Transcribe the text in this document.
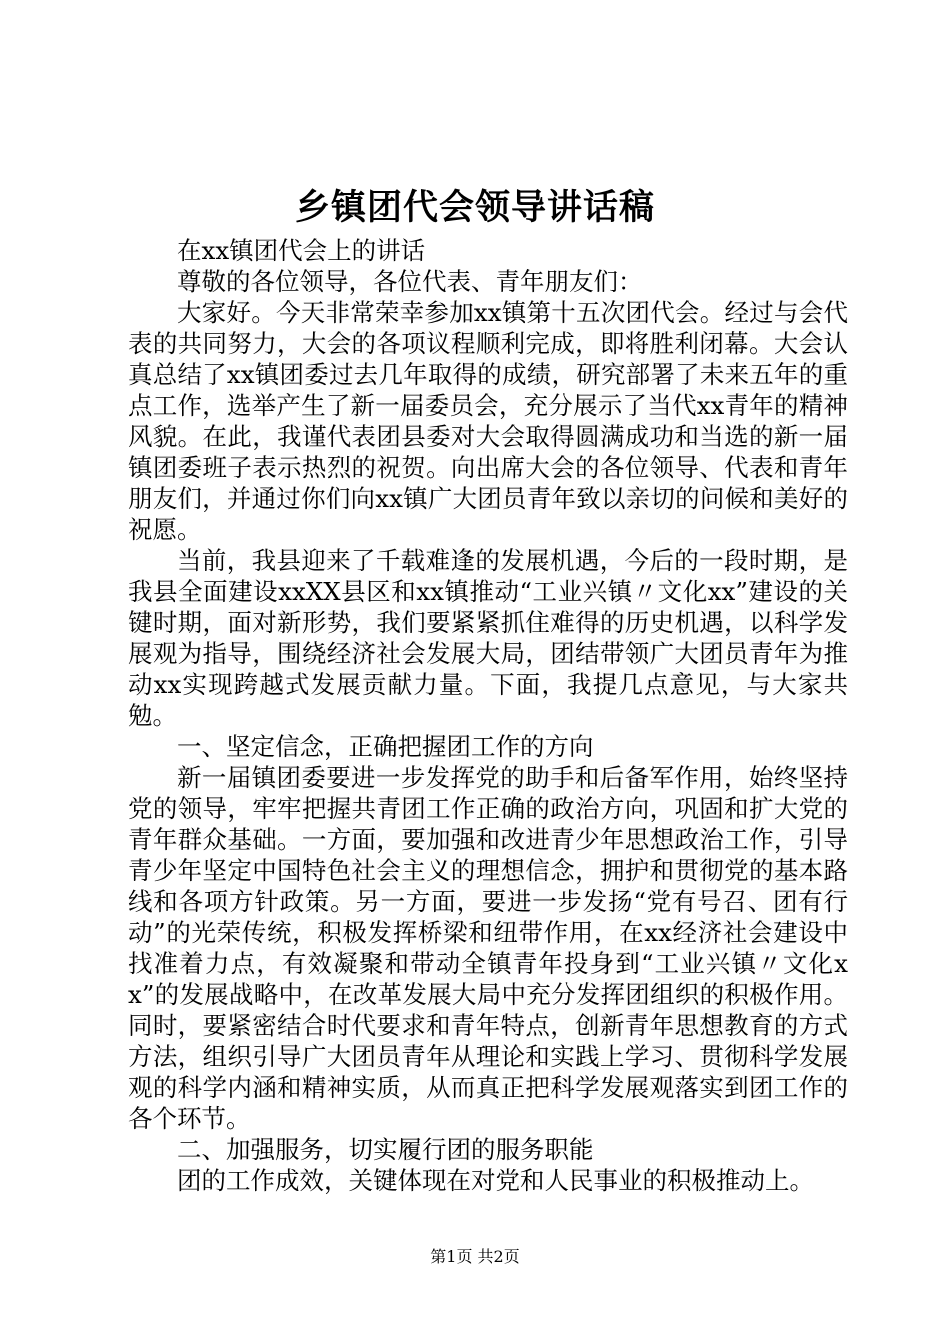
乡镇团代会领导讲话稿

在xx镇团代会上的讲话

尊敬的各位领导，各位代表、青年朋友们：

大家好。今天非常荣幸参加xx镇第十五次团代会。经过与会代表的共同努力，大会的各项议程顺利完成，即将胜利闭幕。大会认真总结了xx镇团委过去几年取得的成绩，研究部署了未来五年的重点工作，选举产生了新一届委员会，充分展示了当代xx青年的精神风貌。在此，我谨代表团县委对大会取得圆满成功和当选的新一届镇团委班子表示热烈的祝贺。向出席大会的各位领导、代表和青年朋友们，并通过你们向xx镇广大团员青年致以亲切的问候和美好的祝愿。

当前，我县迎来了千载难逢的发展机遇，今后的一段时期，是我县全面建设xxXX县区和xx镇推动“工业兴镇〃文化xx”建设的关键时期，面对新形势，我们要紧紧抓住难得的历史机遇，以科学发展观为指导，围绕经济社会发展大局，团结带领广大团员青年为推动xx实现跨越式发展贡献力量。下面，我提几点意见，与大家共勉。

一、坚定信念，正确把握团工作的方向

新一届镇团委要进一步发挥党的助手和后备军作用，始终坚持党的领导，牢牢把握共青团工作正确的政治方向，巩固和扩大党的青年群众基础。一方面，要加强和改进青少年思想政治工作，引导青少年坚定中国特色社会主义的理想信念，拥护和贯彻党的基本路线和各项方针政策。另一方面，要进一步发扬“党有号召、团有行动”的光荣传统，积极发挥桥梁和纽带作用，在xx经济社会建设中找准着力点，有效凝聚和带动全镇青年投身到“工业兴镇〃文化xx”的发展战略中，在改革发展大局中充分发挥团组织的积极作用。同时，要紧密结合时代要求和青年特点，创新青年思想教育的方式方法，组织引导广大团员青年从理论和实践上学习、贯彻科学发展观的科学内涵和精神实质，从而真正把科学发展观落实到团工作的各个环节。

二、加强服务，切实履行团的服务职能

团的工作成效，关键体现在对党和人民事业的积极推动上。

第1页 共2页
